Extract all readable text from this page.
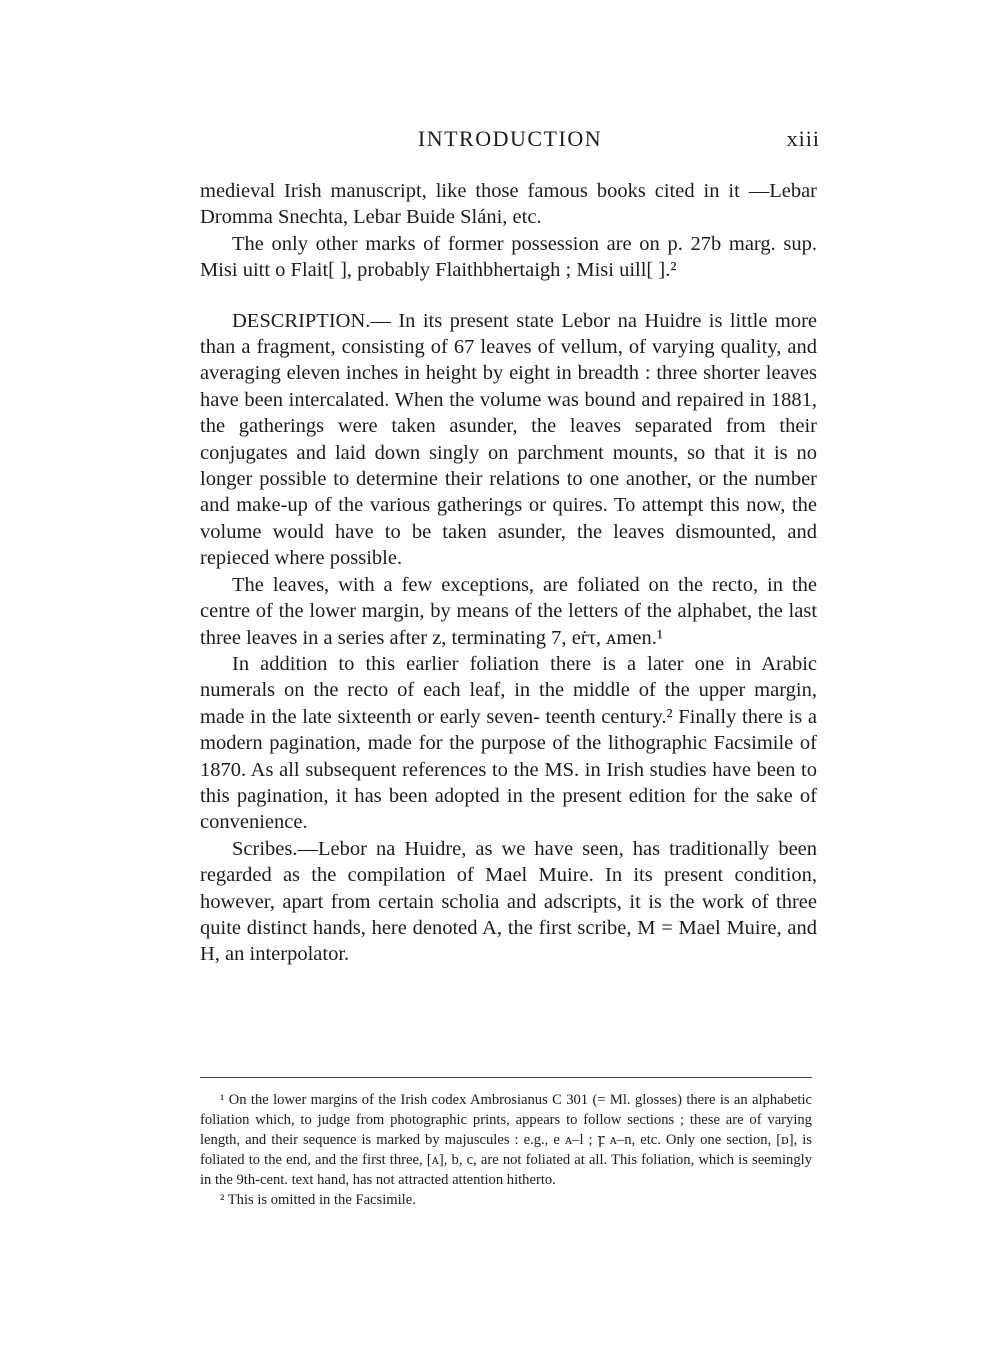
INTRODUCTION	xiii

medieval Irish manuscript, like those famous books cited in it —Lebar Dromma Snechta, Lebar Buide Sláni, etc.

The only other marks of former possession are on p. 27b marg. sup. Misi uitt o Flait[ ], probably Flaithbhertaigh ; Misi uill[ ].²

DESCRIPTION.— In its present state Lebor na Huidre is little more than a fragment, consisting of 67 leaves of vellum, of varying quality, and averaging eleven inches in height by eight in breadth : three shorter leaves have been intercalated. When the volume was bound and repaired in 1881, the gatherings were taken asunder, the leaves separated from their conjugates and laid down singly on parchment mounts, so that it is no longer possible to determine their relations to one another, or the number and make-up of the various gatherings or quires. To attempt this now, the volume would have to be taken asunder, the leaves dismounted, and repieced where possible.

The leaves, with a few exceptions, are foliated on the recto, in the centre of the lower margin, by means of the letters of the alphabet, the last three leaves in a series after z, terminating 7, eṙτ, ᴀmen.¹

In addition to this earlier foliation there is a later one in Arabic numerals on the recto of each leaf, in the middle of the upper margin, made in the late sixteenth or early seven- teenth century.² Finally there is a modern pagination, made for the purpose of the lithographic Facsimile of 1870. As all subsequent references to the MS. in Irish studies have been to this pagination, it has been adopted in the present edition for the sake of convenience.

Scribes.—Lebor na Huidre, as we have seen, has traditionally been regarded as the compilation of Mael Muire. In its present condition, however, apart from certain scholia and adscripts, it is the work of three quite distinct hands, here denoted A, the first scribe, M = Mael Muire, and H, an interpolator.

¹ On the lower margins of the Irish codex Ambrosianus C 301 (= Ml. glosses) there is an alphabetic foliation which, to judge from photographic prints, appears to follow sections ; these are of varying length, and their sequence is marked by majuscules : e.g., e ᴀ–l ; ꝼ ᴀ–n, etc. Only one section, [ᴅ], is foliated to the end, and the first three, [ᴀ], b, c, are not foliated at all. This foliation, which is seemingly in the 9th-cent. text hand, has not attracted attention hitherto.

² This is omitted in the Facsimile.
